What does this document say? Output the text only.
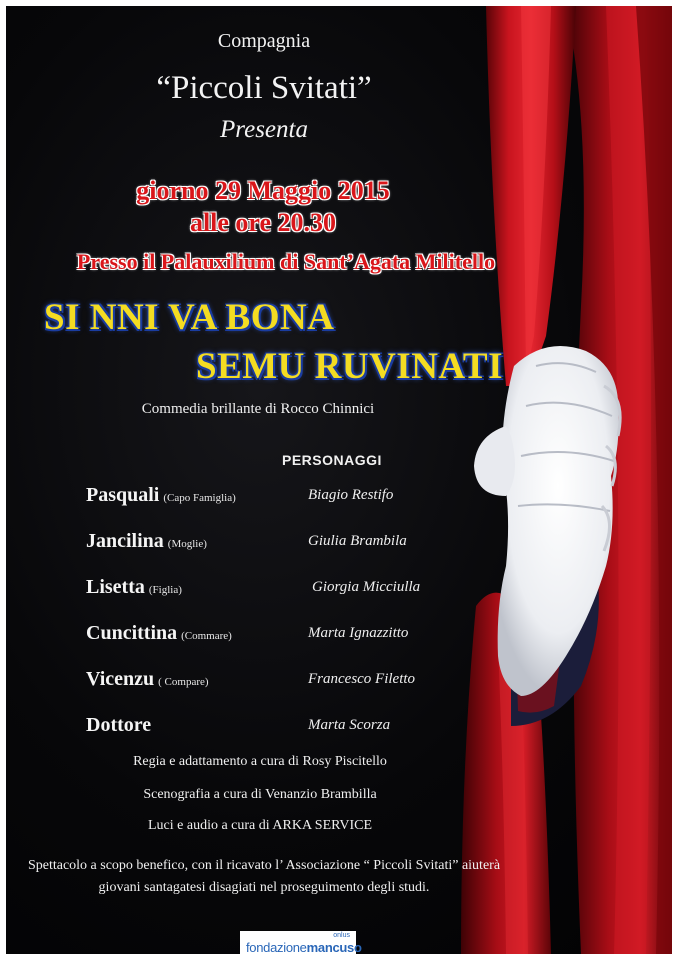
Compagnia
“Piccoli Svitati”
Presenta
giorno 29 Maggio 2015
alle ore 20.30
Presso il Palauxilium di Sant’Agata Militello
SI NNI VA BONA
SEMU RUVINATI
Commedia brillante di Rocco Chinnici
PERSONAGGI
Pasquali (Capo Famiglia)	Biagio Restifo
Jancilina (Moglie)	Giulia Brambila
Lisetta (Figlia)	Giorgia Micciulla
Cuncittina (Commare)	Marta Ignazzitto
Vicenzu ( Compare)	Francesco Filetto
Dottore	Marta Scorza
Regia e adattamento a cura di Rosy Piscitello
Scenografia a cura di Venanzio Brambilla
Luci e audio a cura di ARKA SERVICE
Spettacolo a scopo benefico, con il ricavato l’ Associazione “ Piccoli Svitati” aiuterà
giovani santagatesi disagiati nel proseguimento degli studi.
onlus
fondazionemancuso
